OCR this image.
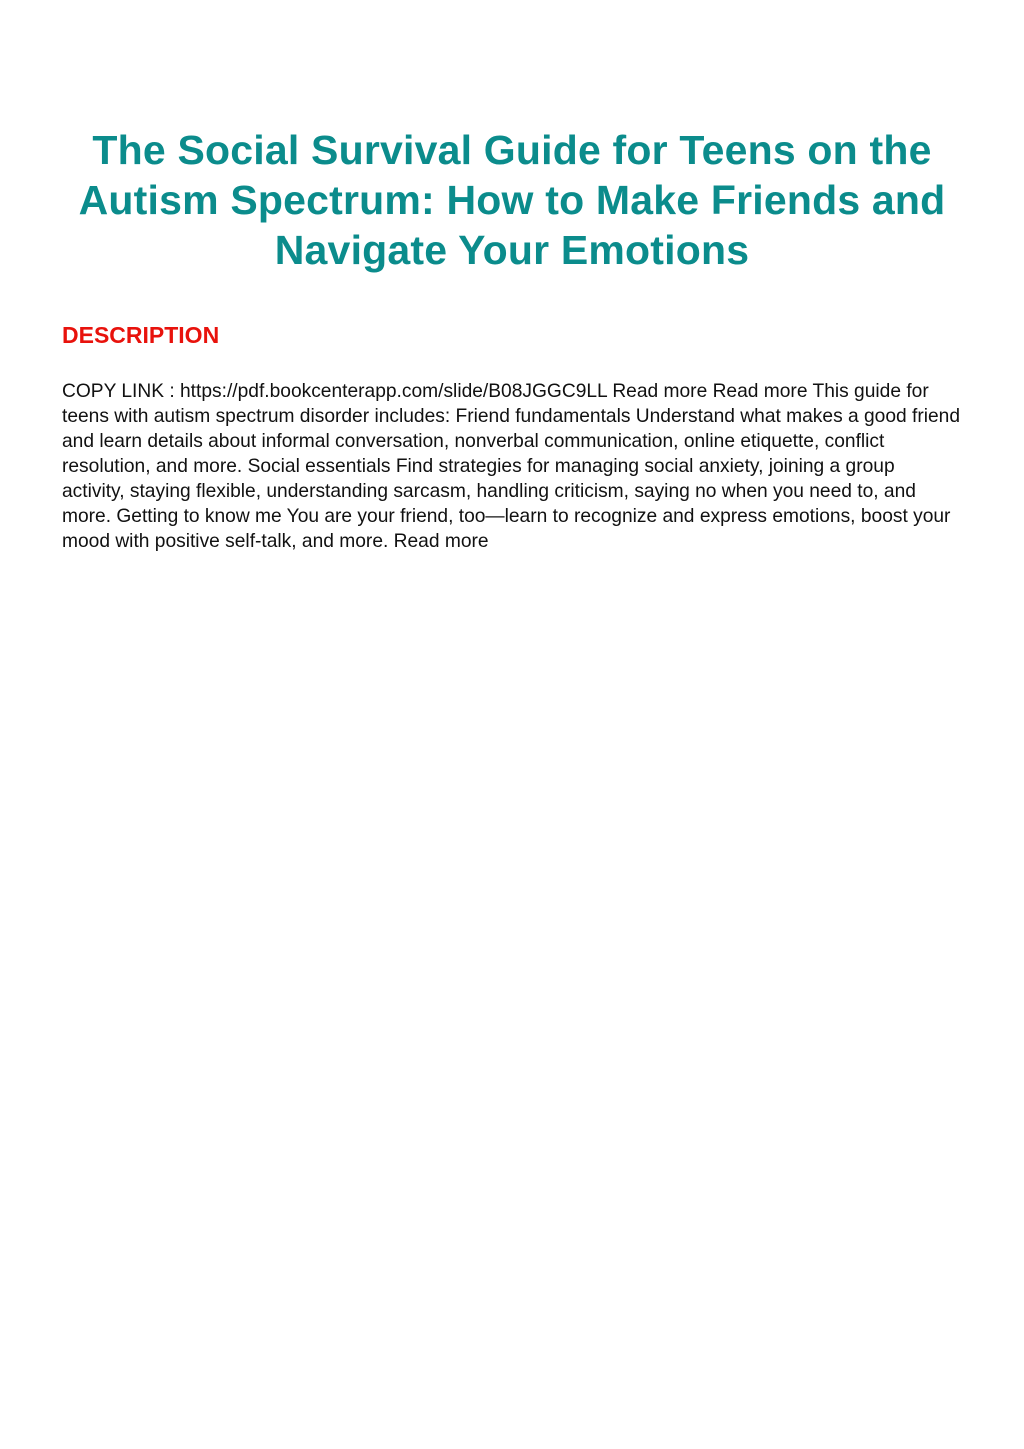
The Social Survival Guide for Teens on the Autism Spectrum: How to Make Friends and Navigate Your Emotions
DESCRIPTION

COPY LINK : https://pdf.bookcenterapp.com/slide/B08JGGC9LL Read more Read more This guide for teens with autism spectrum disorder includes: Friend fundamentals Understand what makes a good friend and learn details about informal conversation, nonverbal communication, online etiquette, conflict resolution, and more. Social essentials Find strategies for managing social anxiety, joining a group activity, staying flexible, understanding sarcasm, handling criticism, saying no when you need to, and more. Getting to know me You are your friend, too—learn to recognize and express emotions, boost your mood with positive self-talk, and more. Read more
